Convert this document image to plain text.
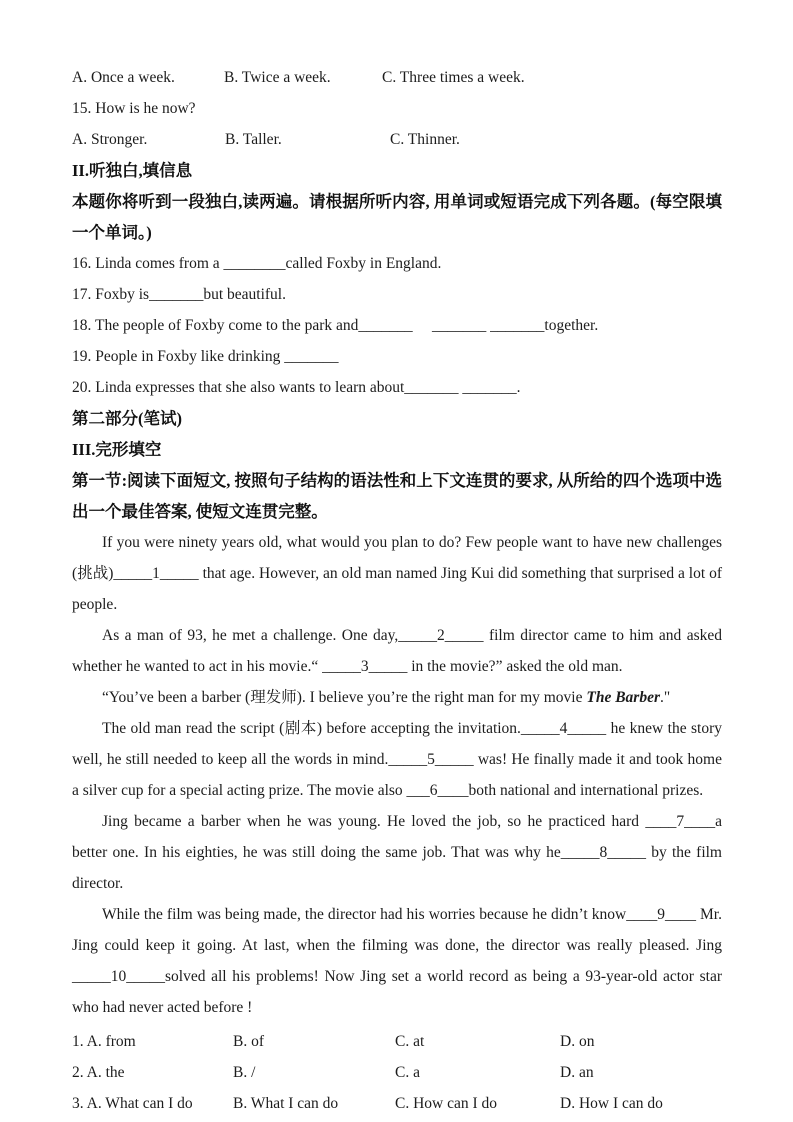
A. Once a week.	B. Twice a week.	C. Three times a week.
15. How is he now?
A. Stronger.	B. Taller.	C. Thinner.
II.听独白,填信息

本题你将听到一段独白,读两遍。请根据所听内容, 用单词或短语完成下列各题。(每空限填一个单词。)

16. Linda comes from a ________called Foxby in England.
17. Foxby is_______but beautiful.
18. The people of Foxby come to the park and_______     _______ _______together.
19. People in Foxby like drinking _______
20. Linda expresses that she also wants to learn about_______ _______.
第二部分(笔试)
III.完形填空

第一节:阅读下面短文, 按照句子结构的语法性和上下文连贯的要求, 从所给的四个选项中选出一个最佳答案, 使短文连贯完整。

If you were ninety years old, what would you plan to do? Few people want to have new challenges (挑战)_____1_____ that age. However, an old man named Jing Kui did something that surprised a lot of people.

As a man of 93, he met a challenge. One day,_____2_____ film director came to him and asked whether he wanted to act in his movie.“ _____3_____ in the movie?” asked the old man.

“You’ve been a barber (理发师). I believe you’re the right man for my movie The Barber."

The old man read the script (剧本) before accepting the invitation._____4_____ he knew the story well, he still needed to keep all the words in mind._____5_____ was! He finally made it and took home a silver cup for a special acting prize. The movie also ___6____both national and international prizes.

Jing became a barber when he was young. He loved the job, so he practiced hard ____7____a better one. In his eighties, he was still doing the same job. That was why he_____8_____ by the film director.

While the film was being made, the director had his worries because he didn’t know____9____ Mr. Jing could keep it going. At last, when the filming was done, the director was really pleased. Jing _____10_____solved all his problems! Now Jing set a world record as being a 93-year-old actor star who had never acted before !

1. A. from	B. of	C. at	D. on
2. A. the	B. /	C. a	D. an
3. A. What can I do	B. What I can do	C. How can I do	D. How I can do
